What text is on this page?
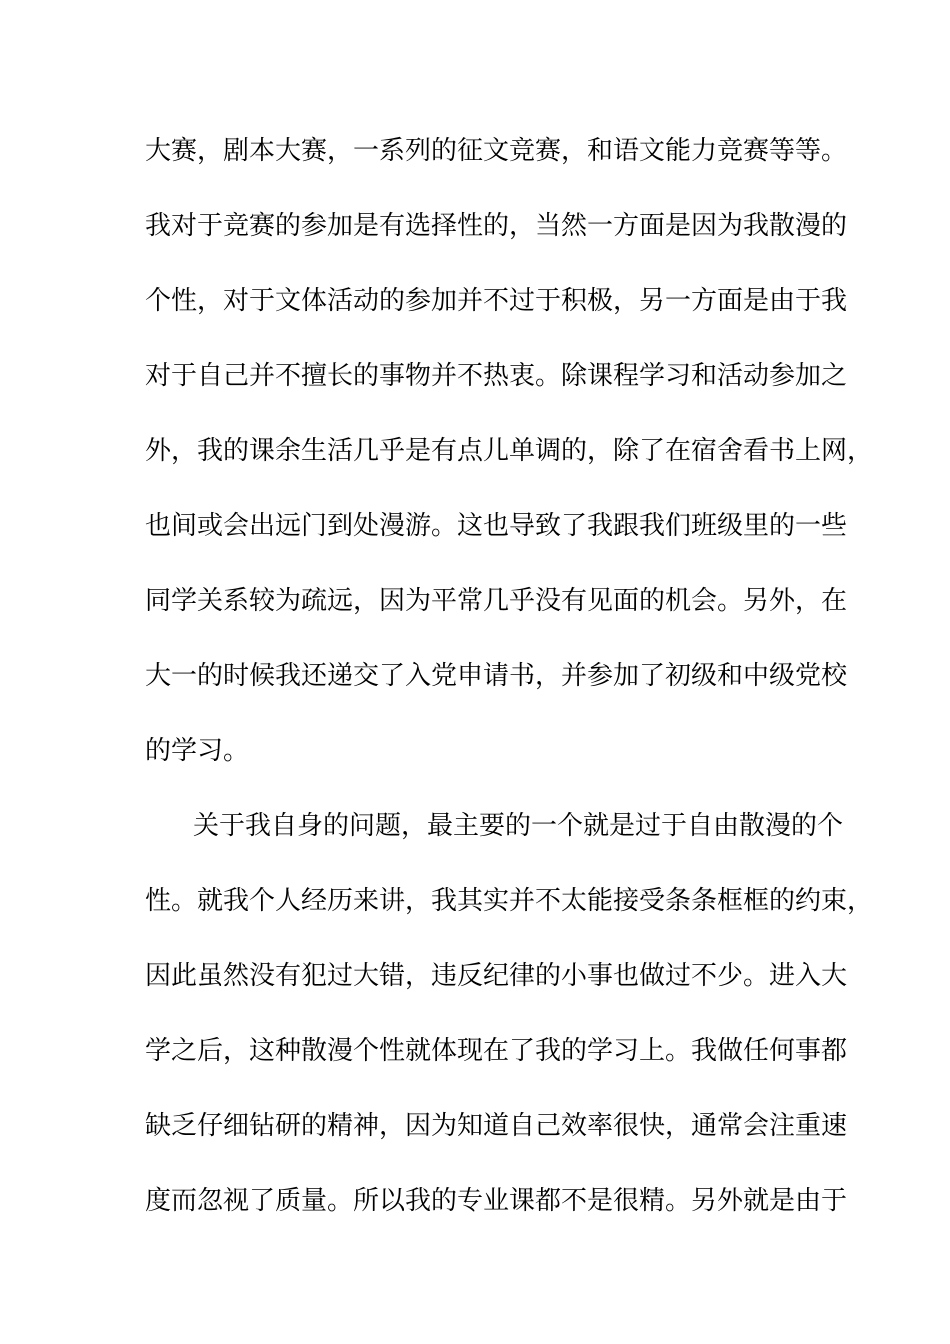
大赛，剧本大赛，一系列的征文竞赛，和语文能力竞赛等等。
我对于竞赛的参加是有选择性的，当然一方面是因为我散漫的
个性，对于文体活动的参加并不过于积极，另一方面是由于我
对于自己并不擅长的事物并不热衷。除课程学习和活动参加之
外，我的课余生活几乎是有点儿单调的，除了在宿舍看书上网，
也间或会出远门到处漫游。这也导致了我跟我们班级里的一些
同学关系较为疏远，因为平常几乎没有见面的机会。另外，在
大一的时候我还递交了入党申请书，并参加了初级和中级党校
的学习。
关于我自身的问题，最主要的一个就是过于自由散漫的个
性。就我个人经历来讲，我其实并不太能接受条条框框的约束，
因此虽然没有犯过大错，违反纪律的小事也做过不少。进入大
学之后，这种散漫个性就体现在了我的学习上。我做任何事都
缺乏仔细钻研的精神，因为知道自己效率很快，通常会注重速
度而忽视了质量。所以我的专业课都不是很精。另外就是由于
